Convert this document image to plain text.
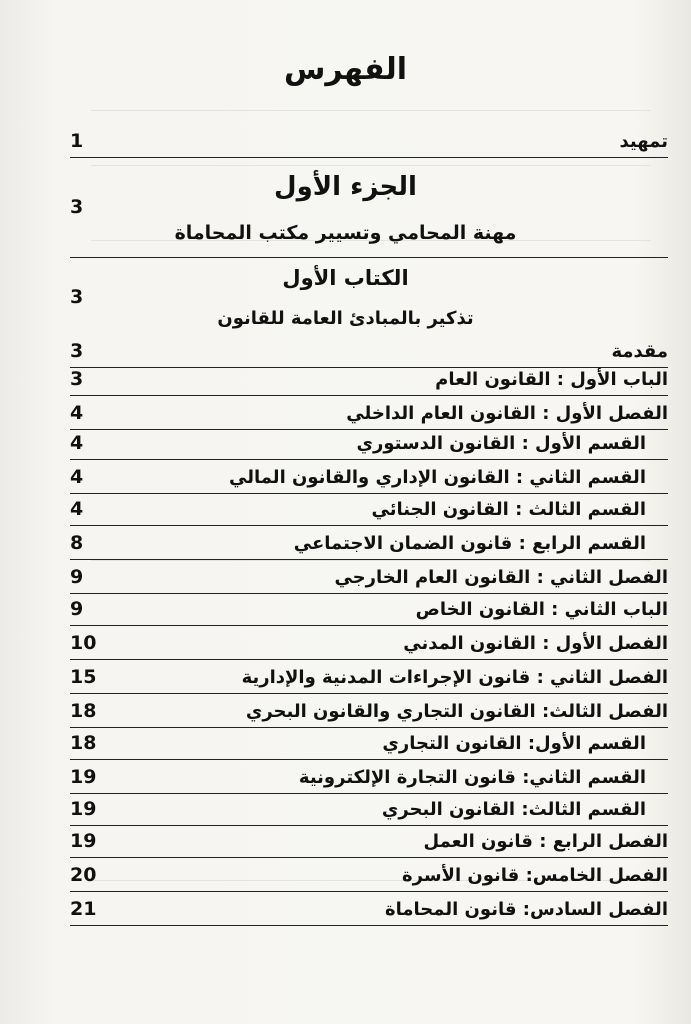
الفهرس
تمهيد
1
الجزء الأول
3
مهنة المحامي وتسيير مكتب المحاماة
الكتاب الأول
3
تذكير بالمبادئ العامة للقانون
مقدمة
3
الباب الأول : القانون العام
3
الفصل الأول : القانون العام الداخلي
4
القسم الأول : القانون الدستوري
4
القسم الثاني : القانون الإداري والقانون المالي
4
القسم الثالث : القانون الجنائي
4
القسم الرابع : قانون الضمان الاجتماعي
8
الفصل الثاني : القانون العام الخارجي
9
الباب الثاني : القانون الخاص
9
الفصل الأول : القانون المدني
10
الفصل الثاني : قانون الإجراءات المدنية والإدارية
15
الفصل الثالث: القانون التجاري والقانون البحري
18
القسم الأول: القانون التجاري
18
القسم الثاني: قانون التجارة الإلكترونية
19
القسم الثالث: القانون البحري
19
الفصل الرابع : قانون العمل
19
الفصل الخامس: قانون الأسرة
20
الفصل السادس: قانون المحاماة
21
